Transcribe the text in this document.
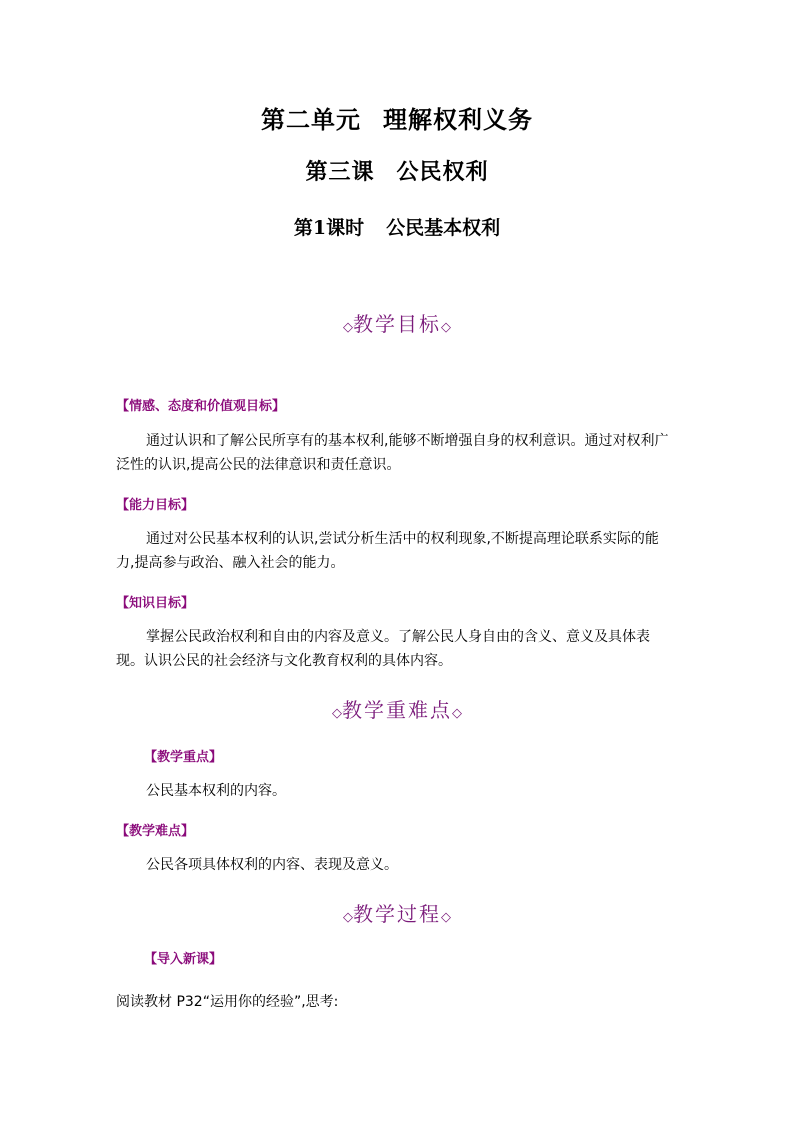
第二单元 理解权利义务
第三课 公民权利
第1课时 公民基本权利
◇教学目标◇
【情感、态度和价值观目标】
通过认识和了解公民所享有的基本权利,能够不断增强自身的权利意识。通过对权利广泛性的认识,提高公民的法律意识和责任意识。
【能力目标】
通过对公民基本权利的认识,尝试分析生活中的权利现象,不断提高理论联系实际的能力,提高参与政治、融入社会的能力。
【知识目标】
掌握公民政治权利和自由的内容及意义。了解公民人身自由的含义、意义及具体表现。认识公民的社会经济与文化教育权利的具体内容。
◇教学重难点◇
【教学重点】
公民基本权利的内容。
【教学难点】
公民各项具体权利的内容、表现及意义。
◇教学过程◇
【导入新课】
阅读教材 P32“运用你的经验”,思考:
